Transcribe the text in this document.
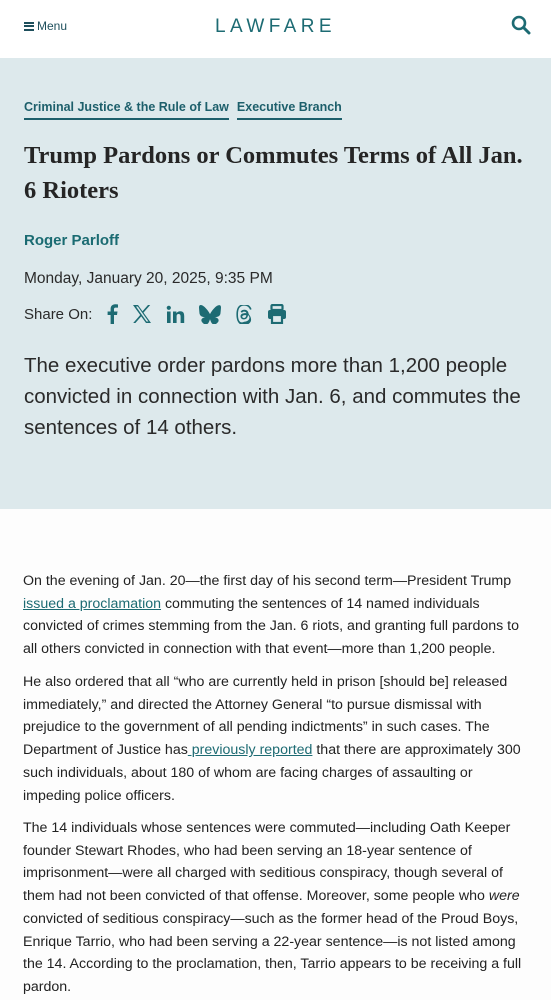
Menu	LAWFARE
Criminal Justice & the Rule of Law Executive Branch
Trump Pardons or Commutes Terms of All Jan. 6 Rioters
Roger Parloff
Monday, January 20, 2025, 9:35 PM
Share On:

The executive order pardons more than 1,200 people convicted in connection with Jan. 6, and commutes the sentences of 14 others.

On the evening of Jan. 20—the first day of his second term—President Trump issued a proclamation commuting the sentences of 14 named individuals convicted of crimes stemming from the Jan. 6 riots, and granting full pardons to all others convicted in connection with that event—more than 1,200 people.

He also ordered that all “who are currently held in prison [should be] released immediately,” and directed the Attorney General “to pursue dismissal with prejudice to the government of all pending indictments” in such cases. The Department of Justice has previously reported that there are approximately 300 such individuals, about 180 of whom are facing charges of assaulting or impeding police officers.

The 14 individuals whose sentences were commuted—including Oath Keeper founder Stewart Rhodes, who had been serving an 18-year sentence of imprisonment—were all charged with seditious conspiracy, though several of them had not been convicted of that offense. Moreover, some people who were convicted of seditious conspiracy—such as the former head of the Proud Boys, Enrique Tarrio, who had been serving a 22-year sentence—is not listed among the 14. According to the proclamation, then, Tarrio appears to be receiving a full pardon.
